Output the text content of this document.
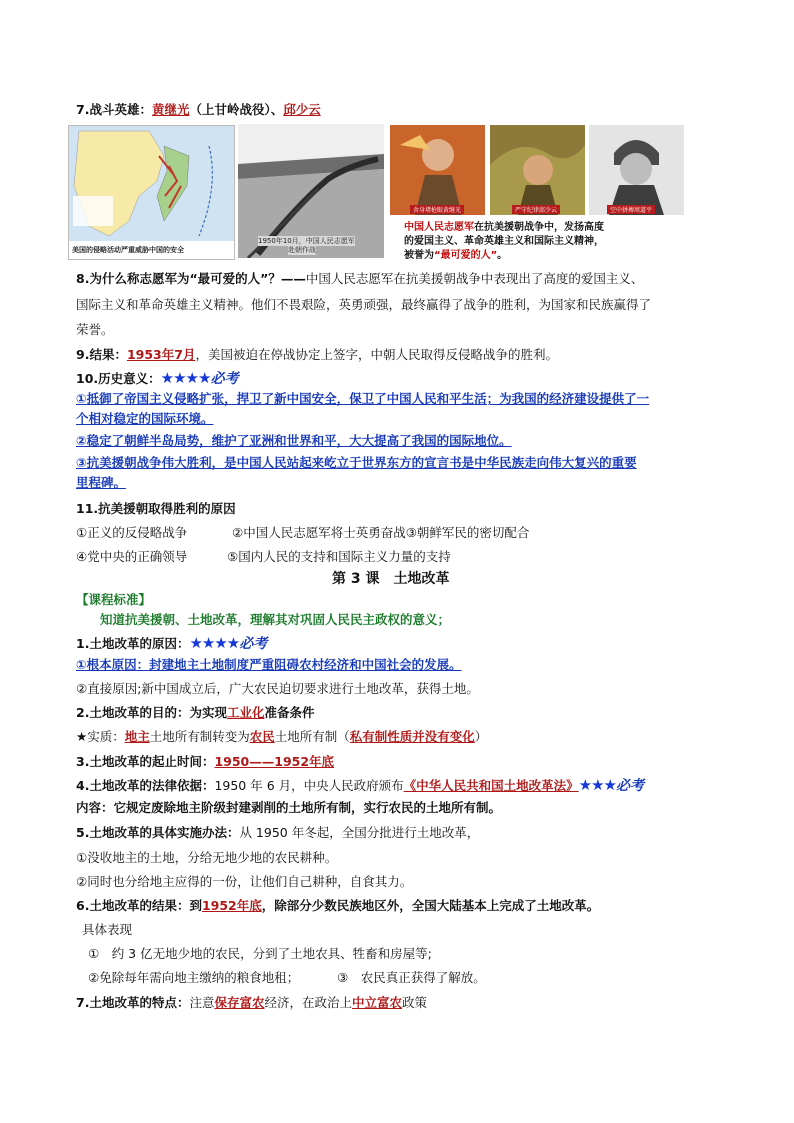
7.战斗英雄：黄继光（上甘岭战役）、邱少云
美国的侵略活动严重威胁中国的安全
1950年10月，中国人民志愿军
赴朝作战
舍身堵枪眼黄继光	严守纪律邱少云	空中拼搏周道平
中国人民志愿军在抗美援朝战争中，发扬高度
的爱国主义、革命英雄主义和国际主义精神，
被誉为“最可爱的人”。
8.为什么称志愿军为“最可爱的人”？——中国人民志愿军在抗美援朝战争中表现出了高度的爱国主义、
国际主义和革命英雄主义精神。他们不畏艰险，英勇顽强，最终赢得了战争的胜利，为国家和民族赢得了
荣誉。
9.结果：1953年7月，美国被迫在停战协定上签字，中朝人民取得反侵略战争的胜利。
10.历史意义：★★★★必考
①抵御了帝国主义侵略扩张，捍卫了新中国安全，保卫了中国人民和平生活；为我国的经济建设提供了一
个相对稳定的国际环境。
②稳定了朝鲜半岛局势，维护了亚洲和世界和平，大大提高了我国的国际地位。
③抗美援朝战争伟大胜利，是中国人民站起来屹立于世界东方的宣言书是中华民族走向伟大复兴的重要
里程碑。
11.抗美援朝取得胜利的原因
①正义的反侵略战争	②中国人民志愿军将士英勇奋战③朝鲜军民的密切配合
④党中央的正确领导	⑤国内人民的支持和国际主义力量的支持
第 3 课　土地改革
【课程标准】
知道抗美援朝、土地改革，理解其对巩固人民民主政权的意义；
1.土地改革的原因：★★★★必考
①根本原因：封建地主土地制度严重阻碍农村经济和中国社会的发展。
②直接原因;新中国成立后，广大农民迫切要求进行土地改革，获得土地。
2.土地改革的目的：为实现工业化准备条件
★实质：地主土地所有制转变为农民土地所有制（私有制性质并没有变化）
3.土地改革的起止时间：1950——1952年底
4.土地改革的法律依据：1950 年 6 月，中央人民政府颁布《中华人民共和国土地改革法》★★★必考
内容：它规定废除地主阶级封建剥削的土地所有制，实行农民的土地所有制。
5.土地改革的具体实施办法：从 1950 年冬起，全国分批进行土地改革，
①没收地主的土地，分给无地少地的农民耕种。
②同时也分给地主应得的一份，让他们自己耕种，自食其力。
6.土地改革的结果：到1952年底，除部分少数民族地区外，全国大陆基本上完成了土地改革。
具体表现
①　约 3 亿无地少地的农民，分到了土地农具、牲畜和房屋等;
②免除每年需向地主缴纳的粮食地租；	③　农民真正获得了解放。
7.土地改革的特点：注意保存富农经济，在政治上中立富农政策
